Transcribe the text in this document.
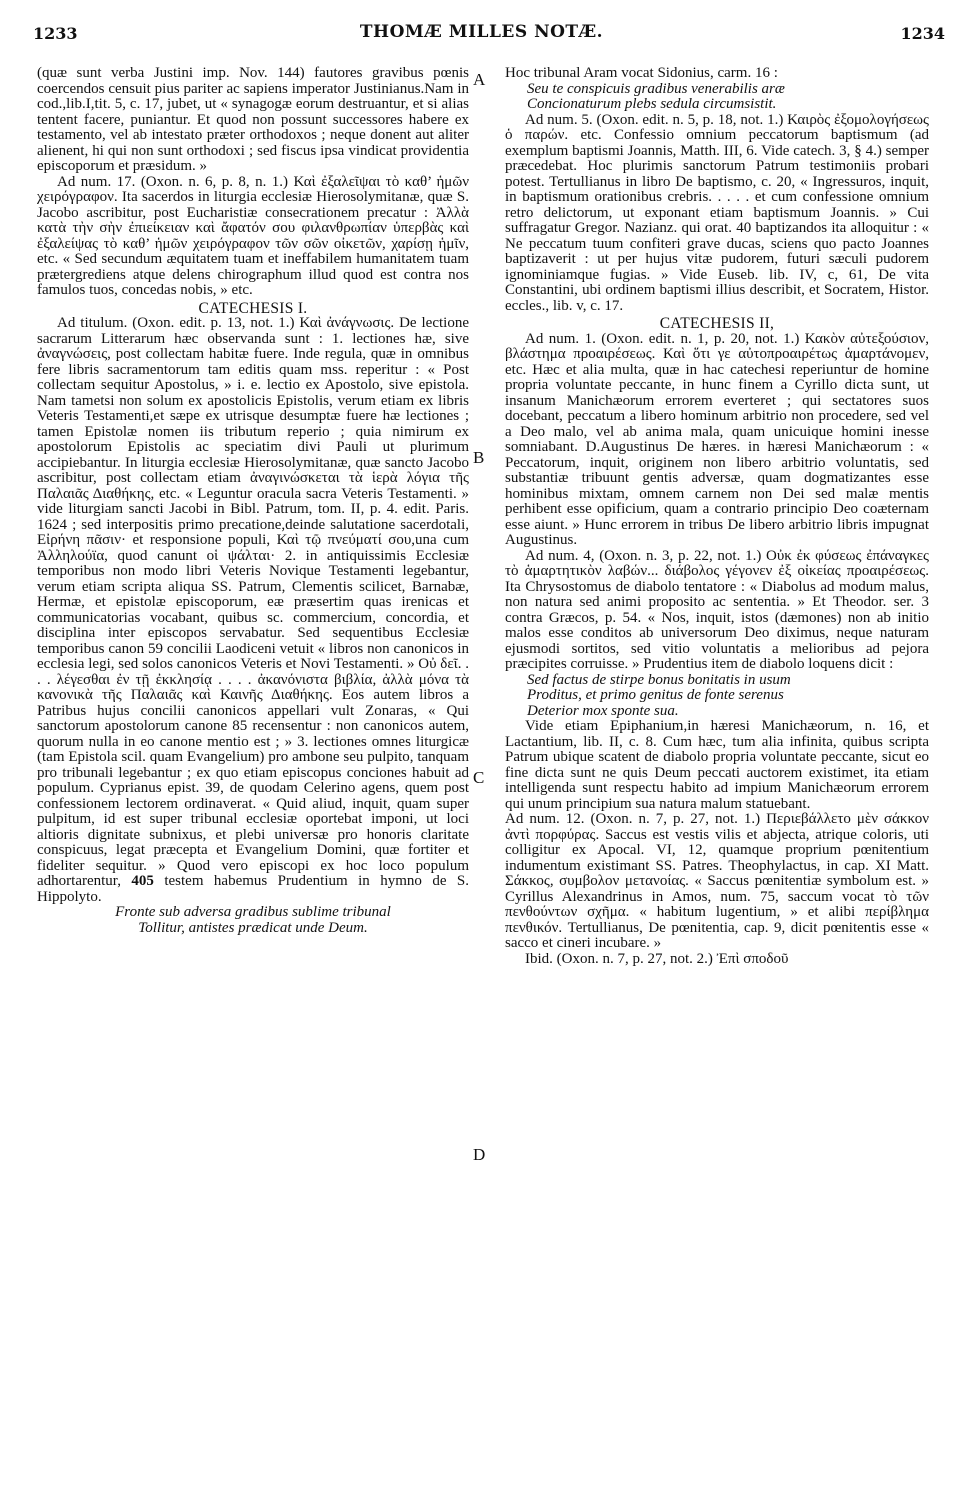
1233	THOMÆ MILLES NOTÆ.	1234
A
B
C
D

(quæ sunt verba Justini imp. Nov. 144) fautores gravibus pœnis coercendos censuit pius pariter ac sapiens imperator Justinianus.Nam in cod.,lib.I,tit. 5, c. 17, jubet, ut « synagogæ eorum destruantur, et si alias tentent facere, puniantur. Et quod non possunt successores habere ex testamento, vel ab intestato præter orthodoxos ; neque donent aut aliter alienent, hi qui non sunt orthodoxi ; sed fiscus ipsa vindicat providentia episcoporum et præsidum. »

Ad num. 17. (Oxon. n. 6, p. 8, n. 1.) Καὶ ἐξαλεῖψαι τὸ καθ’ ἡμῶν χειρόγραφον. Ita sacerdos in liturgia ecclesiæ Hierosolymitanæ, quæ S. Jacobo ascribitur, post Eucharistiæ consecrationem precatur : Ἀλλὰ κατὰ τὴν σὴν ἐπιείκειαν καὶ ἄφατόν σου φιλανθρωπίαν ὑπερβὰς καὶ ἐξαλείψας τὸ καθ’ ἡμῶν χειρόγραφον τῶν σῶν οἰκετῶν, χαρίσῃ ἡμῖν, etc. « Sed secundum æquitatem tuam et ineffabilem humanitatem tuam prætergrediens atque delens chirographum illud quod est contra nos famulos tuos, concedas nobis, » etc.

CATECHESIS I.

Ad titulum. (Oxon. edit. p. 13, not. 1.) Καὶ ἀνάγνωσις. De lectione sacrarum Litterarum hæc observanda sunt : 1. lectiones hæ, sive ἀναγνώσεις, post collectam habitæ fuere. Inde regula, quæ in omnibus fere libris sacramentorum tam editis quam mss. reperitur : « Post collectam sequitur Apostolus, » i. e. lectio ex Apostolo, sive epistola. Nam tametsi non solum ex apostolicis Epistolis, verum etiam ex libris Veteris Testamenti,et sæpe ex utrisque desumptæ fuere hæ lectiones ; tamen Epistolæ nomen iis tributum reperio ; quia nimirum ex apostolorum Epistolis ac speciatim divi Pauli ut plurimum accipiebantur. In liturgia ecclesiæ Hierosolymitanæ, quæ sancto Jacobo ascribitur, post collectam etiam ἀναγινώσκεται τὰ ἱερὰ λόγια τῆς Παλαιᾶς Διαθήκης, etc. « Leguntur oracula sacra Veteris Testamenti. » vide liturgiam sancti Jacobi in Bibl. Patrum, tom. II, p. 4. edit. Paris. 1624 ; sed interpositis primo precatione,deinde salutatione sacerdotali, Εἰρήνη πᾶσιν· et responsione populi, Καὶ τῷ πνεύματί σου,una cum Ἀλληλούϊα, quod canunt οἱ ψάλται· 2. in antiquissimis Ecclesiæ temporibus non modo libri Veteris Novique Testamenti legebantur, verum etiam scripta aliqua SS. Patrum, Clementis scilicet, Barnabæ, Hermæ, et epistolæ episcoporum, eæ præsertim quas irenicas et communicatorias vocabant, quibus sc. commercium, concordia, et disciplina inter episcopos servabatur. Sed sequentibus Ecclesiæ temporibus canon 59 concilii Laodiceni vetuit « libros non canonicos in ecclesia legi, sed solos canonicos Veteris et Novi Testamenti. » Οὐ δεῖ. . . . λέγεσθαι ἐν τῇ ἐκκλησίᾳ . . . . ἀκανόνιστα βιβλία, ἀλλὰ μόνα τὰ κανονικὰ τῆς Παλαιᾶς καὶ Καινῆς Διαθήκης. Eos autem libros a Patribus hujus concilii canonicos appellari vult Zonaras, « Qui sanctorum apostolorum canone 85 recensentur : non canonicos autem, quorum nulla in eo canone mentio est ; » 3. lectiones omnes liturgicæ (tam Epistola scil. quam Evangelium) pro ambone seu pulpito, tanquam pro tribunali legebantur ; ex quo etiam episcopus conciones habuit ad populum. Cyprianus epist. 39, de quodam Celerino agens, quem post confessionem lectorem ordinaverat. « Quid aliud, inquit, quam super pulpitum, id est super tribunal ecclesiæ oportebat imponi, ut loci altioris dignitate subnixus, et plebi universæ pro honoris claritate conspicuus, legat præcepta et Evangelium Domini, quæ fortiter et fideliter sequitur. » Quod vero episcopi ex hoc loco populum adhortarentur, 405 testem habemus Prudentium in hymno de S. Hippolyto.

Fronte sub adversa gradibus sublime tribunal

Tollitur, antistes prædicat unde Deum.

Hoc tribunal Aram vocat Sidonius, carm. 16 :

Seu te conspicuis gradibus venerabilis aræ

Concionaturum plebs sedula circumsistit.

Ad num. 5. (Oxon. edit. n. 5, p. 18, not. 1.) Καιρὸς ἐξομολογήσεως ὁ παρών. etc. Confessio omnium peccatorum baptismum (ad exemplum baptismi Joannis, Matth. III, 6. Vide catech. 3, § 4.) semper præcedebat. Hoc plurimis sanctorum Patrum testimoniis probari potest. Tertullianus in libro De baptismo, c. 20, « Ingressuros, inquit, in baptismum orationibus crebris. . . . . et cum confessione omnium retro delictorum, ut exponant etiam baptismum Joannis. » Cui suffragatur Gregor. Nazianz. qui orat. 40 baptizandos ita alloquitur : « Ne peccatum tuum confiteri grave ducas, sciens quo pacto Joannes baptizaverit : ut per hujus vitæ pudorem, futuri sæculi pudorem ignominiamque fugias. » Vide Euseb. lib. IV, c, 61, De vita Constantini, ubi ordinem baptismi illius describit, et Socratem, Histor. eccles., lib. v, c. 17.

CATECHESIS II,

Ad num. 1. (Oxon. edit. n. 1, p. 20, not. 1.) Κακὸν αὐτεξούσιον, βλάστημα προαιρέσεως. Καὶ ὅτι γε αὐτοπροαιρέτως ἁμαρτάνομεν, etc. Hæc et alia multa, quæ in hac catechesi reperiuntur de homine propria voluntate peccante, in hunc finem a Cyrillo dicta sunt, ut insanum Manichæorum errorem everteret ; qui sectatores suos docebant, peccatum a libero hominum arbitrio non procedere, sed vel a Deo malo, vel ab anima mala, quam unicuique homini inesse somniabant. D.Augustinus De hæres. in hæresi Manichæorum : « Peccatorum, inquit, originem non libero arbitrio voluntatis, sed substantiæ tribuunt gentis adversæ, quam dogmatizantes esse hominibus mixtam, omnem carnem non Dei sed malæ mentis perhibent esse opificium, quam a contrario principio Deo coæternam esse aiunt. » Hunc errorem in tribus De libero arbitrio libris impugnat Augustinus.

Ad num. 4, (Oxon. n. 3, p. 22, not. 1.) Οὐκ ἐκ φύσεως ἐπάναγκες τὸ ἁμαρτητικὸν λαβών... διάβολος γέγονεν ἐξ οἰκείας προαιρέσεως. Ita Chrysostomus de diabolo tentatore : « Diabolus ad modum malus, non natura sed animi proposito ac sententia. » Et Theodor. ser. 3 contra Græcos, p. 54. « Nos, inquit, istos (dæmones) non ab initio malos esse conditos ab universorum Deo diximus, neque naturam ejusmodi sortitos, sed vitio voluntatis a melioribus ad pejora præcipites corruisse. » Prudentius item de diabolo loquens dicit :

Sed factus de stirpe bonus bonitatis in usum

Proditus, et primo genitus de fonte serenus

Deterior mox sponte sua.

Vide etiam Epiphanium,in hæresi Manichæorum, n. 16, et Lactantium, lib. II, c. 8. Cum hæc, tum alia infinita, quibus scripta Patrum ubique scatent de diabolo propria voluntate peccante, sicut eo fine dicta sunt ne quis Deum peccati auctorem existimet, ita etiam intelligenda sunt respectu habito ad impium Manichæorum errorem qui unum principium sua natura malum statuebant.

Ad num. 12. (Oxon. n. 7, p. 27, not. 1.) Περιεβάλλετο μὲν σάκκον ἀντὶ πορφύρας. Saccus est vestis vilis et abjecta, atrique coloris, uti colligitur ex Apocal. VI, 12, quamque proprium pœnitentium indumentum existimant SS. Patres. Theophylactus, in cap. XI Matt. Σάκκος, συμβολον μετανοίας. « Saccus pœnitentiæ symbolum est. » Cyrillus Alexandrinus in Amos, num. 75, saccum vocat τὸ τῶν πενθούντων σχῆμα. « habitum lugentium, » et alibi περίβλημα πενθικόν. Tertullianus, De pœnitentia, cap. 9, dicit pœnitentis esse « sacco et cineri incubare. »

Ibid. (Oxon. n. 7, p. 27, not. 2.) Ἐπὶ σποδοῦ
